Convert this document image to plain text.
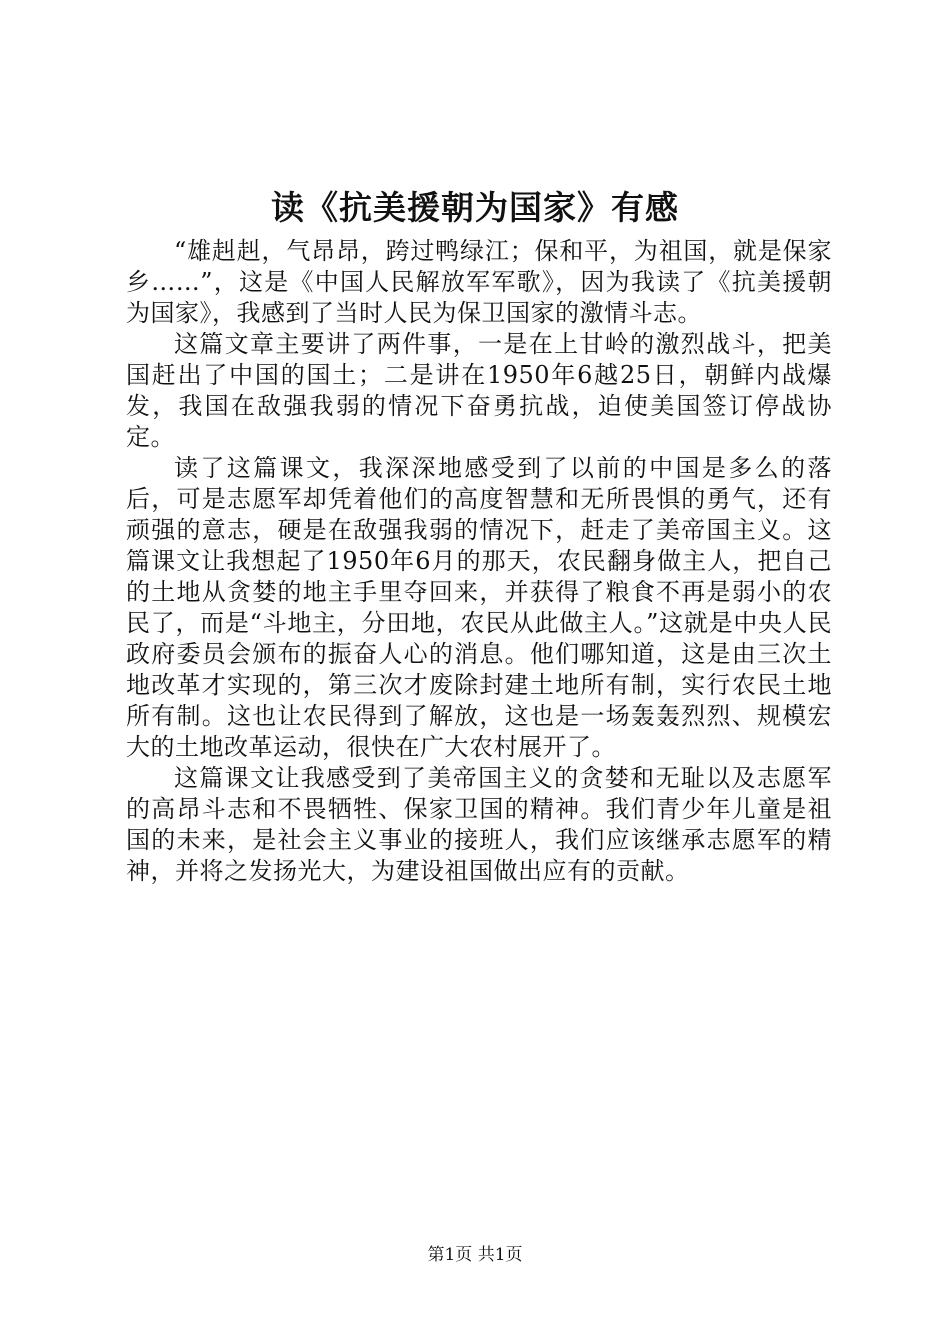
读《抗美援朝为国家》有感

“雄赳赳，气昂昂，跨过鸭绿江；保和平，为祖国，就是保家乡……”，这是《中国人民解放军军歌》，因为我读了《抗美援朝为国家》，我感到了当时人民为保卫国家的激情斗志。

这篇文章主要讲了两件事，一是在上甘岭的激烈战斗，把美国赶出了中国的国土；二是讲在1950年6越25日，朝鲜内战爆发，我国在敌强我弱的情况下奋勇抗战，迫使美国签订停战协定。

读了这篇课文，我深深地感受到了以前的中国是多么的落后，可是志愿军却凭着他们的高度智慧和无所畏惧的勇气，还有顽强的意志，硬是在敌强我弱的情况下，赶走了美帝国主义。这篇课文让我想起了1950年6月的那天，农民翻身做主人，把自己的土地从贪婪的地主手里夺回来，并获得了粮食不再是弱小的农民了，而是“斗地主，分田地，农民从此做主人。”这就是中央人民政府委员会颁布的振奋人心的消息。他们哪知道，这是由三次土地改革才实现的，第三次才废除封建土地所有制，实行农民土地所有制。这也让农民得到了解放，这也是一场轰轰烈烈、规模宏大的土地改革运动，很快在广大农村展开了。

这篇课文让我感受到了美帝国主义的贪婪和无耻以及志愿军的高昂斗志和不畏牺牲、保家卫国的精神。我们青少年儿童是祖国的未来，是社会主义事业的接班人，我们应该继承志愿军的精神，并将之发扬光大，为建设祖国做出应有的贡献。

第1页 共1页
